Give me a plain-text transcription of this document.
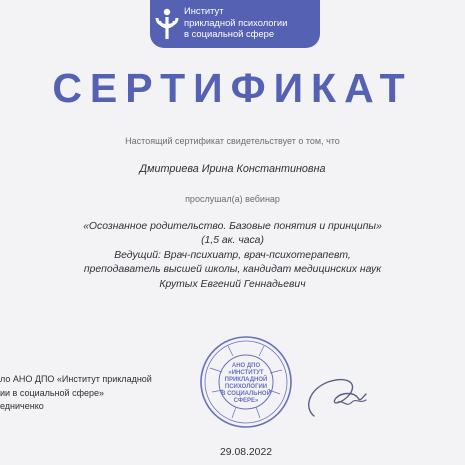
Институт
прикладной психологии
в социальной сфере
СЕРТИФИКАТ
Настоящий сертификат свидетельствует о том, что
Дмитриева Ирина Константиновна
прослушал(а) вебинар
«Осознанное родительство. Базовые понятия и принципы»
(1,5 ак. часа)
Ведущий: Врач-психиатр, врач-психотерапевт,
преподаватель высшей школы, кандидат медицинских наук
Крутых Евгений Геннадьевич
ло АНО ДПО «Институт прикладной
ии в социальной сфере»
едниченко
АНО ДПО
«ИНСТИТУТ
ПРИКЛАДНОЙ
ПСИХОЛОГИИ
В СОЦИАЛЬНОЙ
СФЕРЕ»
29.08.2022
